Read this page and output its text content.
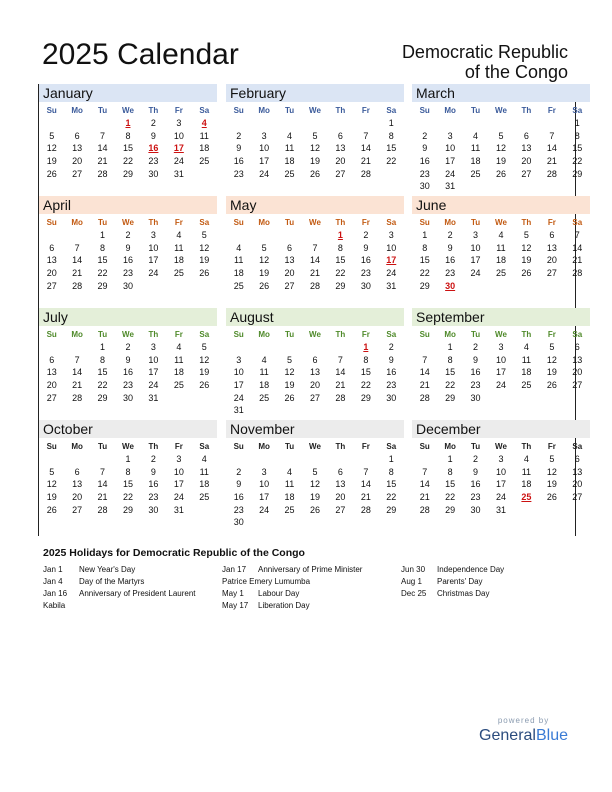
2025 Calendar	Democratic Republic
of the Congo
January
Su	Mo	Tu	We	Th	Fr	Sa
			1	2	3	4
5	6	7	8	9	10	11
12	13	14	15	16	17	18
19	20	21	22	23	24	25
26	27	28	29	30	31	
February
Su	Mo	Tu	We	Th	Fr	Sa
						1
2	3	4	5	6	7	8
9	10	11	12	13	14	15
16	17	18	19	20	21	22
23	24	25	26	27	28	
March
Su	Mo	Tu	We	Th	Fr	Sa
						1
2	3	4	5	6	7	8
9	10	11	12	13	14	15
16	17	18	19	20	21	22
23	24	25	26	27	28	29
30	31					
April
Su	Mo	Tu	We	Th	Fr	Sa
		1	2	3	4	5
6	7	8	9	10	11	12
13	14	15	16	17	18	19
20	21	22	23	24	25	26
27	28	29	30			
May
Su	Mo	Tu	We	Th	Fr	Sa
				1	2	3
4	5	6	7	8	9	10
11	12	13	14	15	16	17
18	19	20	21	22	23	24
25	26	27	28	29	30	31
June
Su	Mo	Tu	We	Th	Fr	Sa
1	2	3	4	5	6	7
8	9	10	11	12	13	14
15	16	17	18	19	20	21
22	23	24	25	26	27	28
29	30					
July
Su	Mo	Tu	We	Th	Fr	Sa
		1	2	3	4	5
6	7	8	9	10	11	12
13	14	15	16	17	18	19
20	21	22	23	24	25	26
27	28	29	30	31		
August
Su	Mo	Tu	We	Th	Fr	Sa
					1	2
3	4	5	6	7	8	9
10	11	12	13	14	15	16
17	18	19	20	21	22	23
24	25	26	27	28	29	30
31						
September
Su	Mo	Tu	We	Th	Fr	Sa
	1	2	3	4	5	6
7	8	9	10	11	12	13
14	15	16	17	18	19	20
21	22	23	24	25	26	27
28	29	30				
October
Su	Mo	Tu	We	Th	Fr	Sa
			1	2	3	4
5	6	7	8	9	10	11
12	13	14	15	16	17	18
19	20	21	22	23	24	25
26	27	28	29	30	31	
November
Su	Mo	Tu	We	Th	Fr	Sa
						1
2	3	4	5	6	7	8
9	10	11	12	13	14	15
16	17	18	19	20	21	22
23	24	25	26	27	28	29
30						
December
Su	Mo	Tu	We	Th	Fr	Sa
	1	2	3	4	5	6
7	8	9	10	11	12	13
14	15	16	17	18	19	20
21	22	23	24	25	26	27
28	29	30	31			
2025 Holidays for Democratic Republic of the Congo
Jan 1 New Year's Day
Jan 4 Day of the Martyrs
Jan 16 Anniversary of President Laurent
Kabila
Jan 17 Anniversary of Prime Minister
Patrice Emery Lumumba
May 1 Labour Day
May 17 Liberation Day
Jun 30 Independence Day
Aug 1 Parents' Day
Dec 25 Christmas Day
powered by
GeneralBlue
